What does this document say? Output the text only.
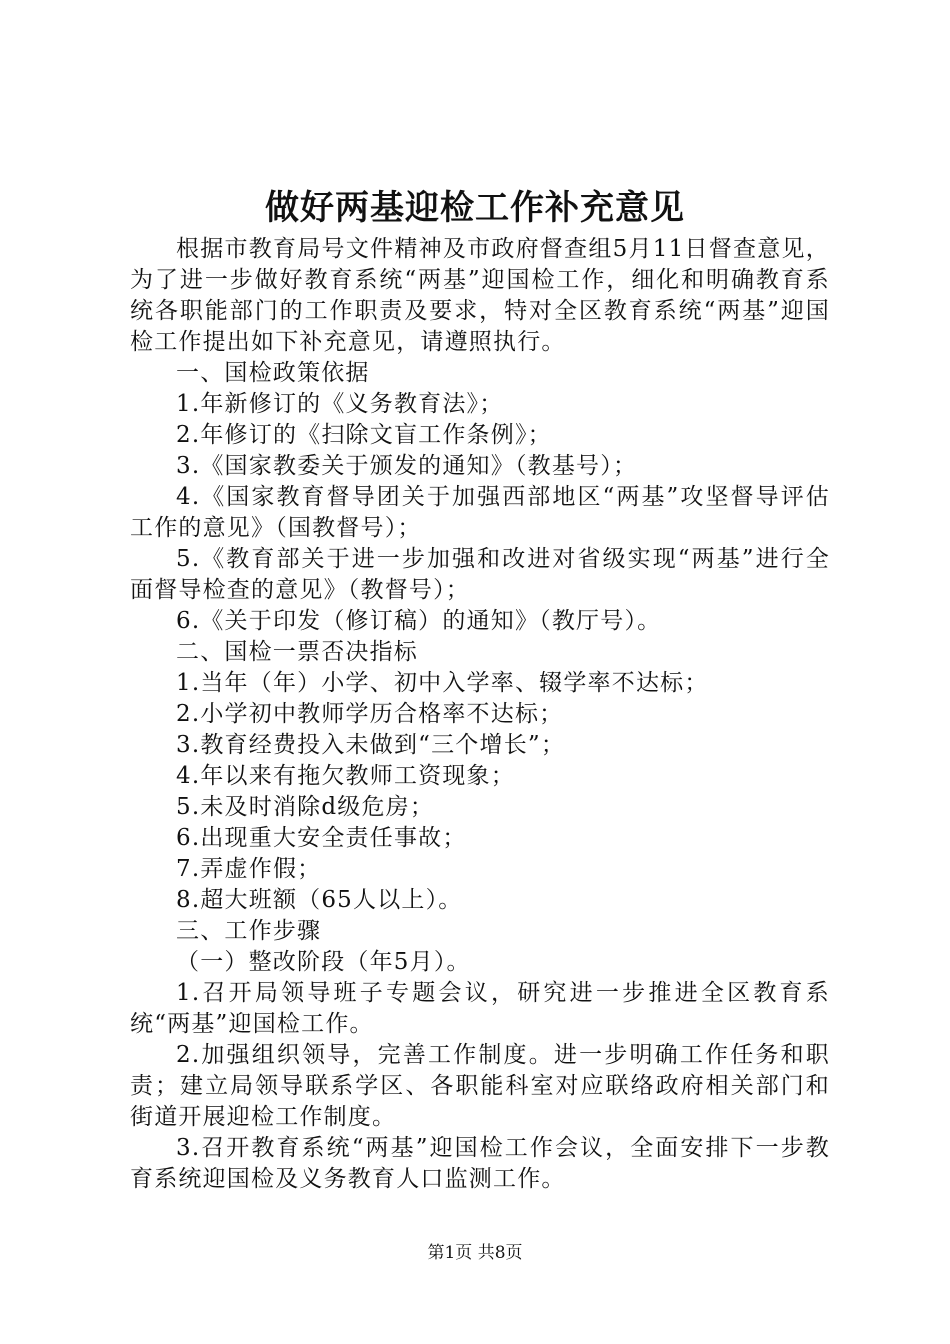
做好两基迎检工作补充意见

根据市教育局号文件精神及市政府督查组5月11日督查意见，为了进一步做好教育系统“两基”迎国检工作，细化和明确教育系统各职能部门的工作职责及要求，特对全区教育系统“两基”迎国检工作提出如下补充意见，请遵照执行。

一、国检政策依据

1.年新修订的《义务教育法》；

2.年修订的《扫除文盲工作条例》；

3.《国家教委关于颁发的通知》（教基号）；

4.《国家教育督导团关于加强西部地区“两基”攻坚督导评估工作的意见》（国教督号）；

5.《教育部关于进一步加强和改进对省级实现“两基”进行全面督导检查的意见》（教督号）；

6.《关于印发（修订稿）的通知》（教厅号）。

二、国检一票否决指标

1.当年（年）小学、初中入学率、辍学率不达标；

2.小学初中教师学历合格率不达标；

3.教育经费投入未做到“三个增长”；

4.年以来有拖欠教师工资现象；

5.未及时消除d级危房；

6.出现重大安全责任事故；

7.弄虚作假；

8.超大班额（65人以上）。

三、工作步骤

（一）整改阶段（年5月）。

1.召开局领导班子专题会议，研究进一步推进全区教育系统“两基”迎国检工作。

2.加强组织领导，完善工作制度。进一步明确工作任务和职责；建立局领导联系学区、各职能科室对应联络政府相关部门和街道开展迎检工作制度。

3.召开教育系统“两基”迎国检工作会议，全面安排下一步教育系统迎国检及义务教育人口监测工作。

第1页 共8页
